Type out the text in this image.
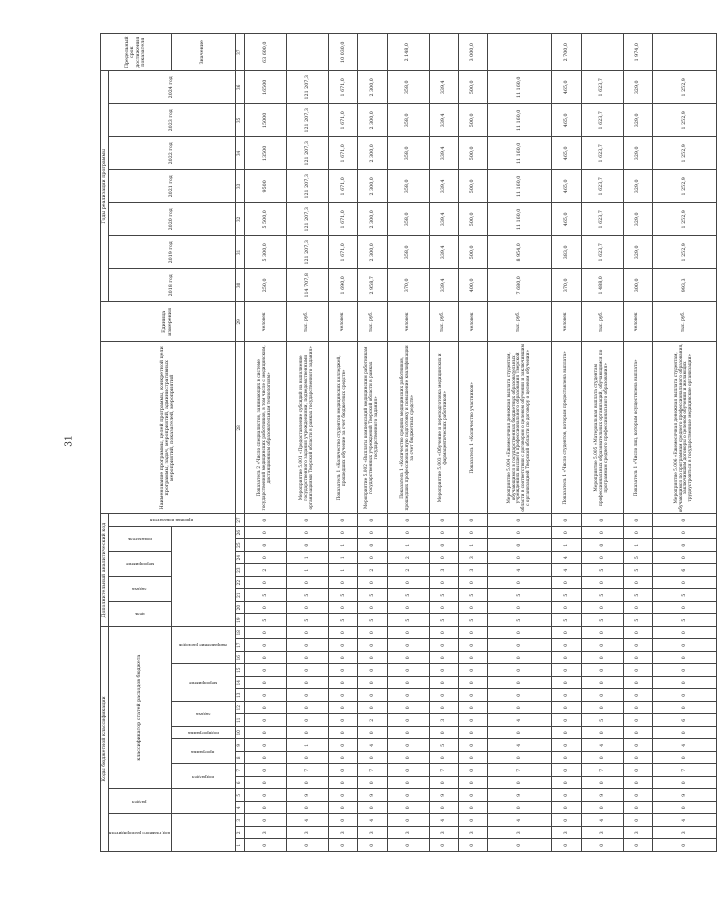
31
Коды бюджетной классификации																		Дополнительный аналитический код									Наименование программы, целей программы, конкретной цели программы, задач, мероприятий, административных мероприятий, показателей, мероприятий	Единица измерения	Годы реализации программы							Предельный срок достижения показателя

код главного распорядителя			раздел		классификатор статей расходов бюджета													цель		задача		мероприятие		показатель		признак показателя			2018 год	2019 год	2020 год	2021 год	2022 год	2023 год	2024 год	

					подраздел		программа		подпрограмма	задача		мероприятие			направление расходов																					Значение
1	2	3	4	5	6	7	8	9	10	11	12	13	14	15	16	17	18	19	20	21	22	23	24	25	26	27	28	29	30	31	32	33	34	35	36	37
0	3	0	0	0	0	0	0	0	0	0	0	0	0	0	0	0	0	5	0	5	0	2	0	0	0	0	Показатель 2 «Число специалистов, занимающих в системе государственной медицинских работников, в том числе с медицинским, дистанционным образовательным технологиям»	человек	250,0	5 300,0	5 500,0	9500	13500	15000	16500	63 600,0
0	3	4	0	9	0	7	0	1	0	0	0	0	0	0	0	0	0	5	0	5	0	1	1	0	0	0	Мероприятие 5.001 «Предоставление субсидий на выполнение государственного задания учреждениями, подведомственными организациями Тверской области в рамках государственного задания»	тыс. руб.	114 707,8	121 207,3	121 207,3	121 207,3	121 207,3	121 207,3	121 207,3	
0	3	0	0	0	0	0	0	0	0	0	0	0	0	0	0	0	0	5	0	5	0	1	1	1	0	0	Показатель 1 «Количество студентов медицинских колледжей, прошедших обучение за счет бюджетных средств»	человек	1 690,0	1 671,0	1 671,0	1 671,0	1 671,0	1 671,0	1 671,0	10 030,0
0	3	4	0	9	0	7	0	4	0	2	0	0	0	0	0	0	0	5	0	5	0	2	0	0	0	0	Мероприятие 5.002 «Выплаты компенсаций медицинским работникам государственных учреждений Тверской области в рамках государственного задания»	тыс. руб.	2 958,7	2 300,0	2 300,0	2 300,0	2 300,0	2 300,0	2 300,0	
0	3	0	0	0	0	0	0	0	0	0	0	0	0	0	0	0	0	5	0	5	0	2	2	1	0	0	Показатель 1 «Количество средних медицинских работников, прошедших профессиональную подготовку и повышение квалификации за счет бюджетных средств»	человек	370,0	358,0	358,0	358,0	358,0	358,0	358,0	2 148,0
0	3	4	0	9	0	7	0	5	0	3	0	0	0	0	0	0	0	5	0	5	0	3	0	0	0	0	Мероприятие 5.003 «Обучение и переподготовка медицинских и фармацевтических работников»	тыс. руб.	339,4	339,4	339,4	339,4	339,4	339,4	339,4	
0	3	0	0	0	0	0	0	0	0	0	0	0	0	0	0	0	0	5	0	5	0	3	3	1	0	0	Показатель 1 «Количество участников»	человек	400,0	500,0	500,0	500,0	500,0	500,0	500,0	3 000,0
0	3	4	0	9	0	7	0	4	0	4	0	0	0	0	0	0	0	5	0	5	0	4	0	0	0	0	Мероприятие 5.004 «Ежемесячная денежная выплата студентам, обучающимся в государственных бюджетных образовательных учреждениях высшего профессионального образования Тверской области в соответствии с договором о целевом обучении и заключившим с организацией Тверской области по договору о целевом обучении»	тыс. руб.	7 680,0	8 954,0	11 160,0	11 160,0	11 160,0	11 160,0	11 160,0	
0	3	0	0	0	0	0	0	0	0	0	0	0	0	0	0	0	0	5	0	5	0	4	4	1	0	0	Показатель 1 «Число студентов, которым предоставлена выплата»	человек	370,0	383,0	465,0	465,0	465,0	465,0	465,0	2 700,0
0	3	4	0	9	0	7	0	4	0	5	0	0	0	0	0	0	0	5	0	5	0	5	0	0	0	0	Мероприятие 5.005 «Материальная выплата студентам профессиональных образовательных организаций, обучающимся по программам среднего профессионального образования»	тыс. руб.	1 488,0	1 623,7	1 623,7	1 623,7	1 623,7	1 623,7	1 623,7	
0	3	0	0	0	0	0	0	0	0	0	0	0	0	0	0	0	0	5	0	5	0	5	5	1	0	0	Показатель 1 «Число лиц, которым осуществлена выплата»	человек	300,0	329,0	329,0	329,0	329,0	329,0	329,0	1 974,0
0	3	4	0	9	0	7	0	4	0	6	0	0	0	0	0	0	0	5	0	5	0	6	0	0	0	0	Мероприятие 5.006 «Ежемесячная денежная выплата студентам, обучающимся по программам среднего профессионального образования, заключившим договоры о целевом обучении и желающих трудоустроиться в государственные медицинские организации»	тыс. руб.	993,3	1 252,9	1 252,9	1 252,9	1 252,9	1 252,9	1 252,9	
